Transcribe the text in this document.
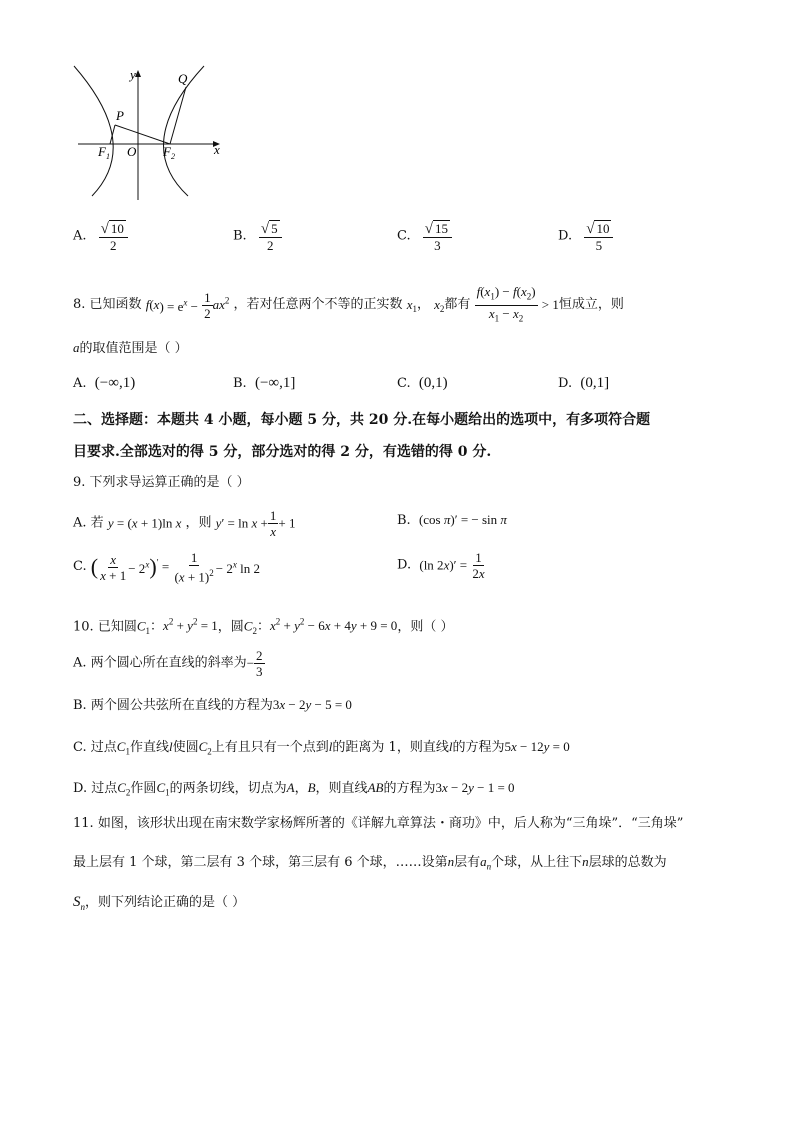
y
x
P
Q
F 1 O F 2
A. $\frac{√ 10}{2}$	B. $\frac{√ 5}{2}$	C. $\frac{√ 15}{3}$	D. $\frac{√ 10}{5}$
8. 已知函数 $f(x) = e^x - \frac{1}{2} ax^2$ ，若对任意两个不等的正实数 $x_1$， $x_2$都有 $\frac{f(x_1) - f(x_2)}{x_1 - x_2} > 1$恒成立，则
a的取值范围是（ ）
A. (−∞,1)	B. (−∞,1]	C. (0,1)	D. (0,1]
二、选择题：本题共 4 小题，每小题 5 分，共 20 分.在每小题给出的选项中，有多项符合题
目要求.全部选对的得 5 分，部分选对的得 2 分，有选错的得 0 分.
9. 下列求导运算正确的是（ ）
A. 若 y = (x + 1)ln x ，则 $y' = \ln x + \frac{1}{x} + 1$	B. (cos π)′ = − sin π
C. ( $\frac{x}{x + 1} - 2^x)' = \frac{1}{(x + 1)^2} - 2^x$ ln 2	D. (ln $2x)' = \frac{1}{2x}$
10. 已知圆$C_1$：$x^2 + y^2 = 1$，圆$C_2$：$x^2 + y^2 - 6x + 4y + 9 = 0$，则（ ）
A. 两个圆心所在直线的斜率为− $\frac{2}{3}$
B. 两个圆公共弦所在直线的方程为3x − 2y − 5 = 0
C. 过点$C_1$作直线l使圆$C_2$上有且只有一个点到l的距离为 1，则直线l的方程为5x − 12y = 0
D. 过点$C_2$作圆$C_1$的两条切线，切点为A，B，则直线AB的方程为3x − 2y − 1 = 0
11. 如图，该形状出现在南宋数学家杨辉所著的《详解九章算法・商功》中，后人称为“三角垛”．“三角垛”
最上层有 1 个球，第二层有 3 个球，第三层有 6 个球，……设第n层有$a_n$个球，从上往下n层球的总数为
$S_n$，则下列结论正确的是（ ）
